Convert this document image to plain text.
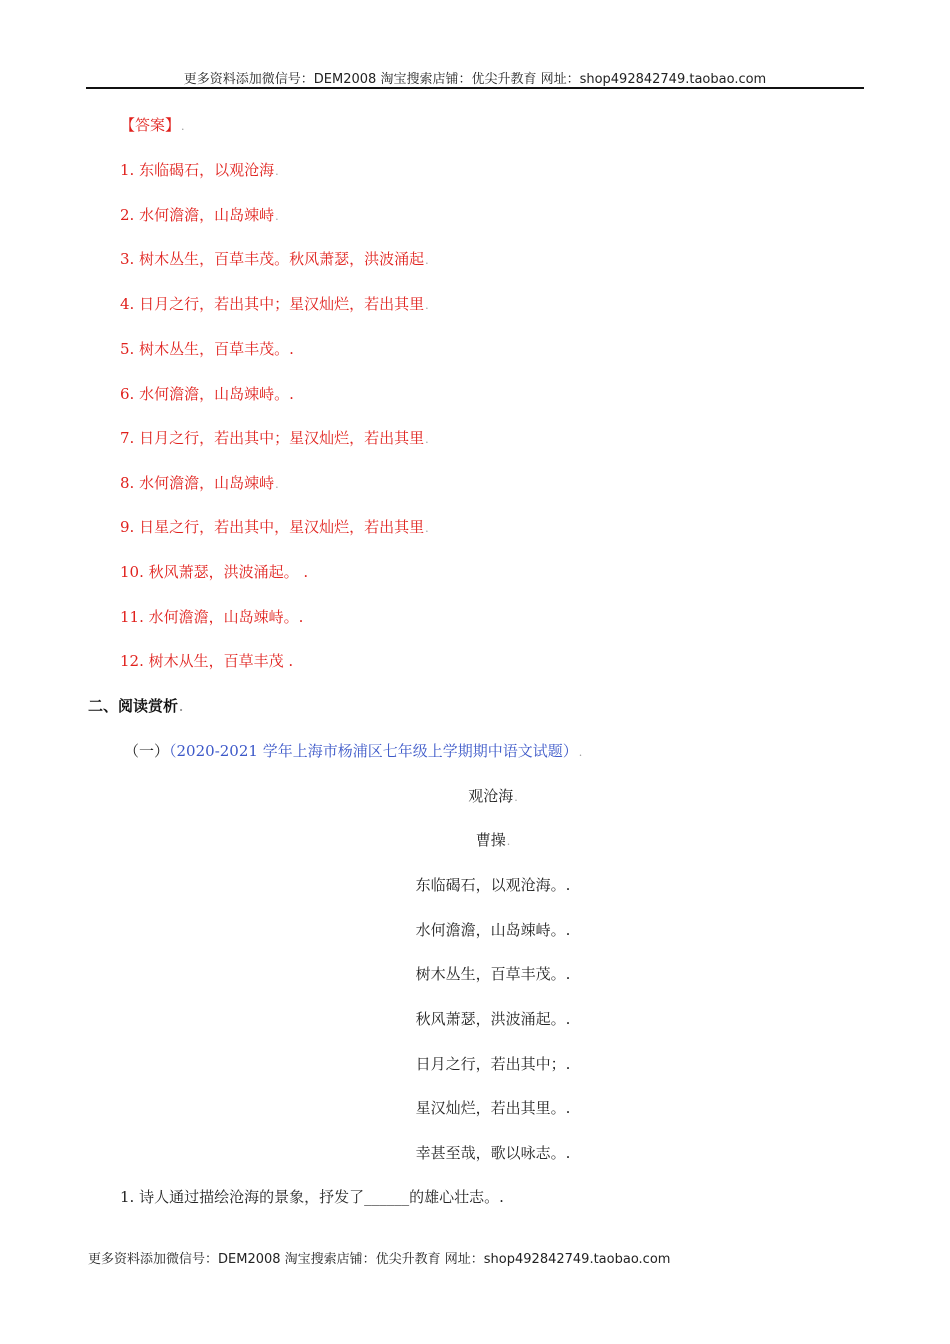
更多资料添加微信号：DEM2008 淘宝搜索店铺：优尖升教育 网址：shop492842749.taobao.com
【答案】.
1. 东临碣石，以观沧海.
2. 水何澹澹，山岛竦峙.
3. 树木丛生，百草丰茂。秋风萧瑟，洪波涌起.
4. 日月之行，若出其中；星汉灿烂，若出其里.
5. 树木丛生，百草丰茂。.
6. 水何澹澹，山岛竦峙。.
7. 日月之行，若出其中；星汉灿烂，若出其里.
8. 水何澹澹，山岛竦峙.
9. 日星之行，若出其中，星汉灿烂，若出其里.
10. 秋风萧瑟，洪波涌起。 .
11. 水何澹澹，山岛竦峙。.
12. 树木从生，百草丰茂 .
二、阅读赏析.
（一）（2020-2021 学年上海市杨浦区七年级上学期期中语文试题）.
观沧海.
曹操.
东临碣石，以观沧海。.
水何澹澹，山岛竦峙。.
树木丛生，百草丰茂。.
秋风萧瑟，洪波涌起。.
日月之行，若出其中；.
星汉灿烂，若出其里。.
幸甚至哉，歌以咏志。.
1. 诗人通过描绘沧海的景象，抒发了______的雄心壮志。.
更多资料添加微信号：DEM2008 淘宝搜索店铺：优尖升教育 网址：shop492842749.taobao.com
